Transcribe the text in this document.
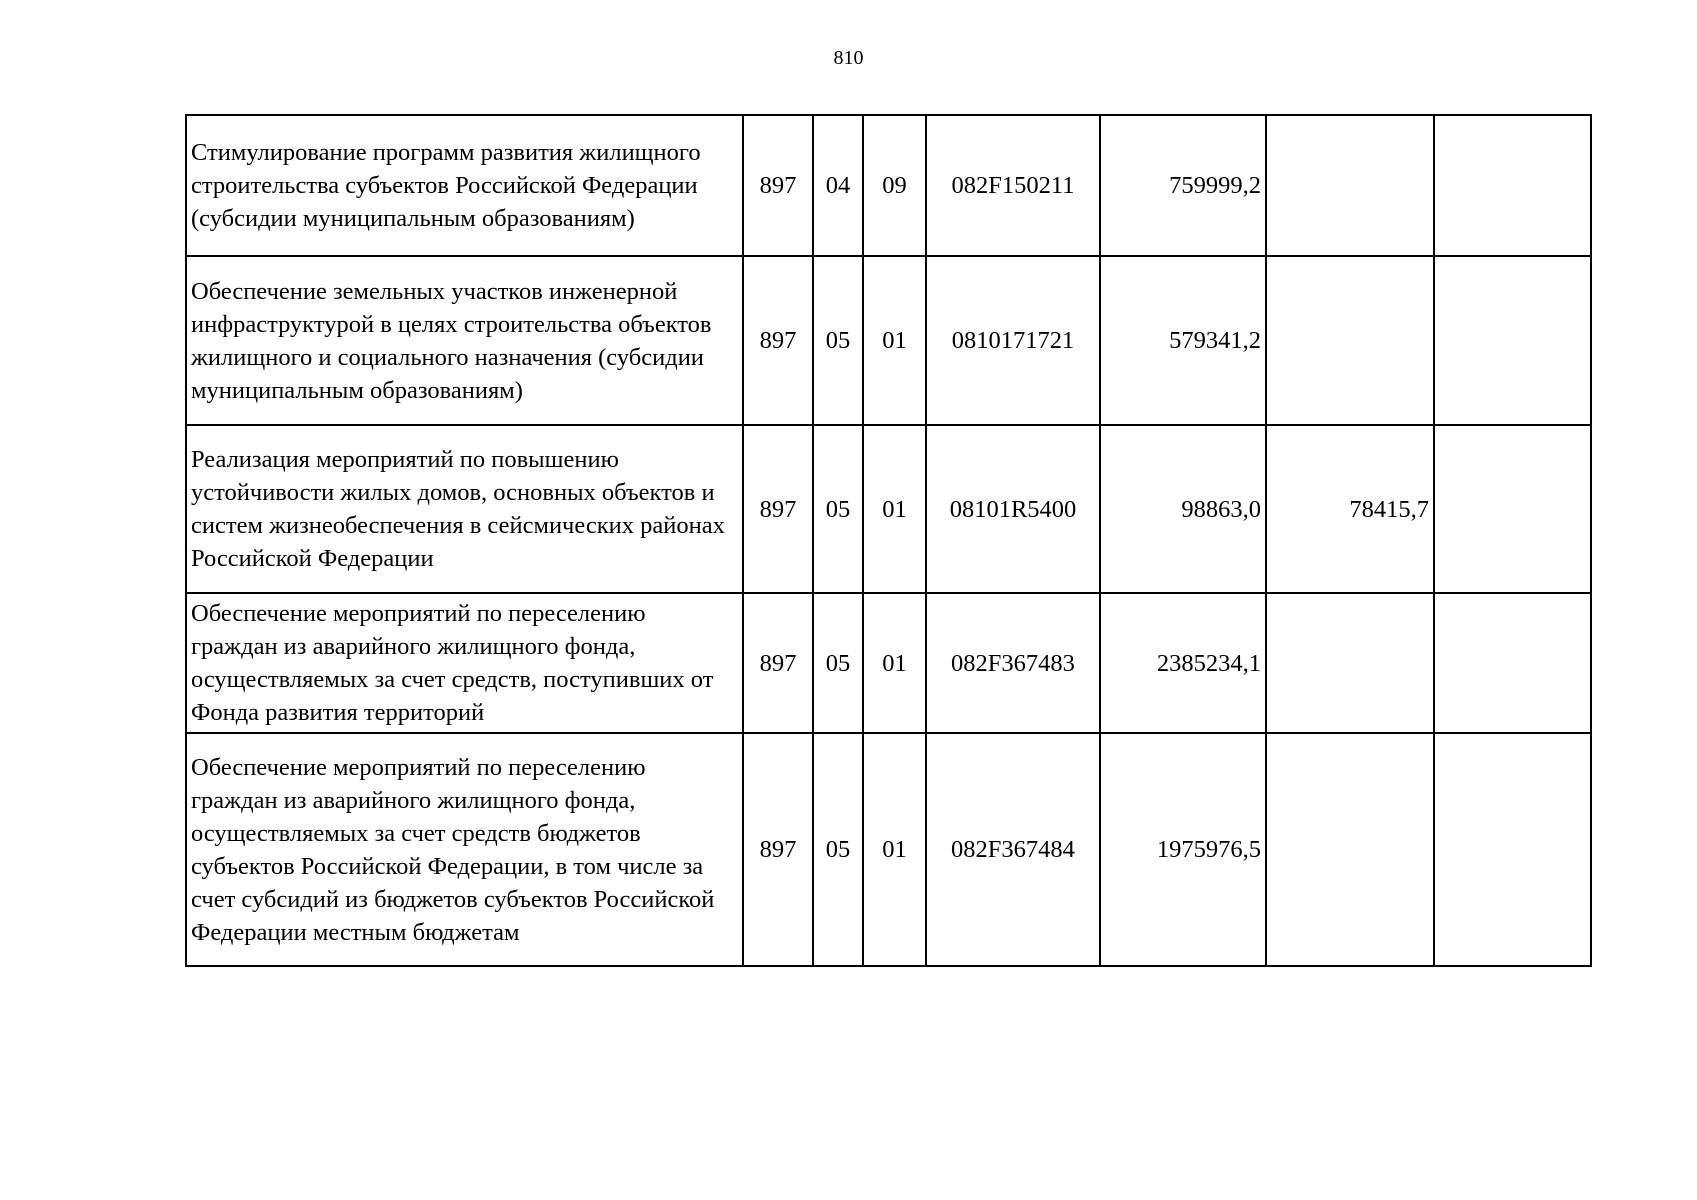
810
Стимулирование программ развития жилищного строительства субъектов Российской Федерации (субсидии муниципальным образованиям)	897	04	09	082F150211	759999,2		
Обеспечение земельных участков инженерной инфраструктурой в целях строительства объектов жилищного и социального назначения (субсидии муниципальным образованиям)	897	05	01	0810171721	579341,2		
Реализация мероприятий по повышению устойчивости жилых домов, основных объектов и систем жизнеобеспечения в сейсмических районах Российской Федерации	897	05	01	08101R5400	98863,0	78415,7	
Обеспечение мероприятий по переселению граждан из аварийного жилищного фонда, осуществляемых за счет средств, поступивших от Фонда развития территорий	897	05	01	082F367483	2385234,1		
Обеспечение мероприятий по переселению граждан из аварийного жилищного фонда, осуществляемых за счет средств бюджетов субъектов Российской Федерации, в том числе за счет субсидий из бюджетов субъектов Российской Федерации местным бюджетам	897	05	01	082F367484	1975976,5		
